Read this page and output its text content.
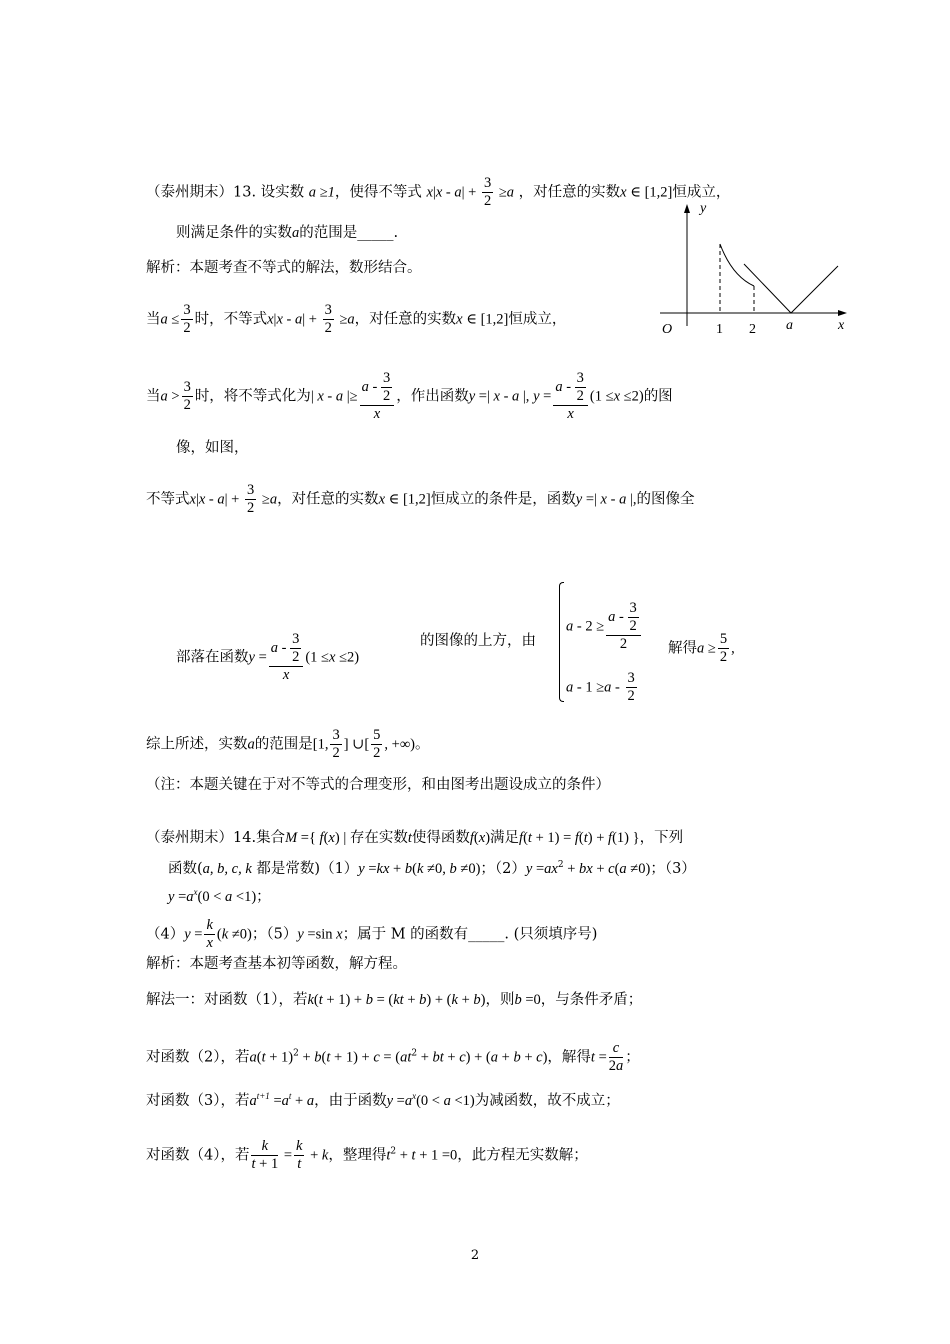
（泰州期末）13. 设实数 a ≥1，使得不等式 $x|x - a| + \frac{3}{2} \ge a$ ，对任意的实数x ∈ [1,2]恒成立，
则满足条件的实数a的范围是_____.
解析：本题考查不等式的解法，数形结合。
当$a \le \frac{3}{2}$ 时，不等式$x|x - a| + \frac{3}{2} \ge a$，对任意的实数x ∈ [1,2]恒成立，
当$a > \frac{3}{2}$ 时，将不等式化为| x - a |≥ $\frac{a - \frac{3}{2}}{x}$ ，作出函数y =| x - a |, $y = \frac{a - \frac{3}{2}}{x} (1 \le x \le 2)$的图
像，如图，
不等式$x|x - a| + \frac{3}{2} \ge a$，对任意的实数x ∈ [1,2]恒成立的条件是，函数y =| x - a |,的图像全
部落在函数$y = \frac{a - \frac{3}{2}}{x} (1 \le x \le 2)$
的图像的上方，由
$a - 2 \ge \frac{a - \frac{3}{2}}{2}$
$a - 1 \ge a - \frac{3}{2}$
解得$a \ge \frac{5}{2}$ ,
综上所述，实数a的范围是[1, $\frac{3}{2}$ ] ∪[ $\frac{5}{2}$ , +∞)。
（注：本题关键在于对不等式的合理变形，和由图考出题设成立的条件）
y
x
O	1 2 a
（泰州期末）14.集合M ={ f(x) | 存在实数t使得函数f(x)满足f(t + 1) = f(t) + f(1) }，下列
函数(a, b, c, k 都是常数)（1）y =kx + b(k ≠0, b ≠0)；$(2)y =ax^2$ + bx + c(a ≠0)；（3）
$y =a^x(0 < a <1)$；
$(4)y = \frac{k}{x} (k \ne 0)$；（5）y =sin x；属于 M 的函数有_____. (只须填序号)
解析：本题考查基本初等函数，解方程。
解法一：对函数（1），若k(t + 1) + b = (kt + b) + (k + b)，则b =0，与条件矛盾；
对函数（2），若$a(t + 1)^2 + b(t + 1) + c = (at^2$ + bt + c) + (a + b + c)，解得$t = \frac{c}{2a}$ ；
对函数（3），若$a^{t+1} =a^t + a$，由于函数$y =a^x(0 < a <1)$为减函数，故不成立；
对函数（4），若 $\frac{k}{t + 1} = \frac{k}{t} + k$，整理得$t^2 + t + 1 =0$，此方程无实数解；
2
